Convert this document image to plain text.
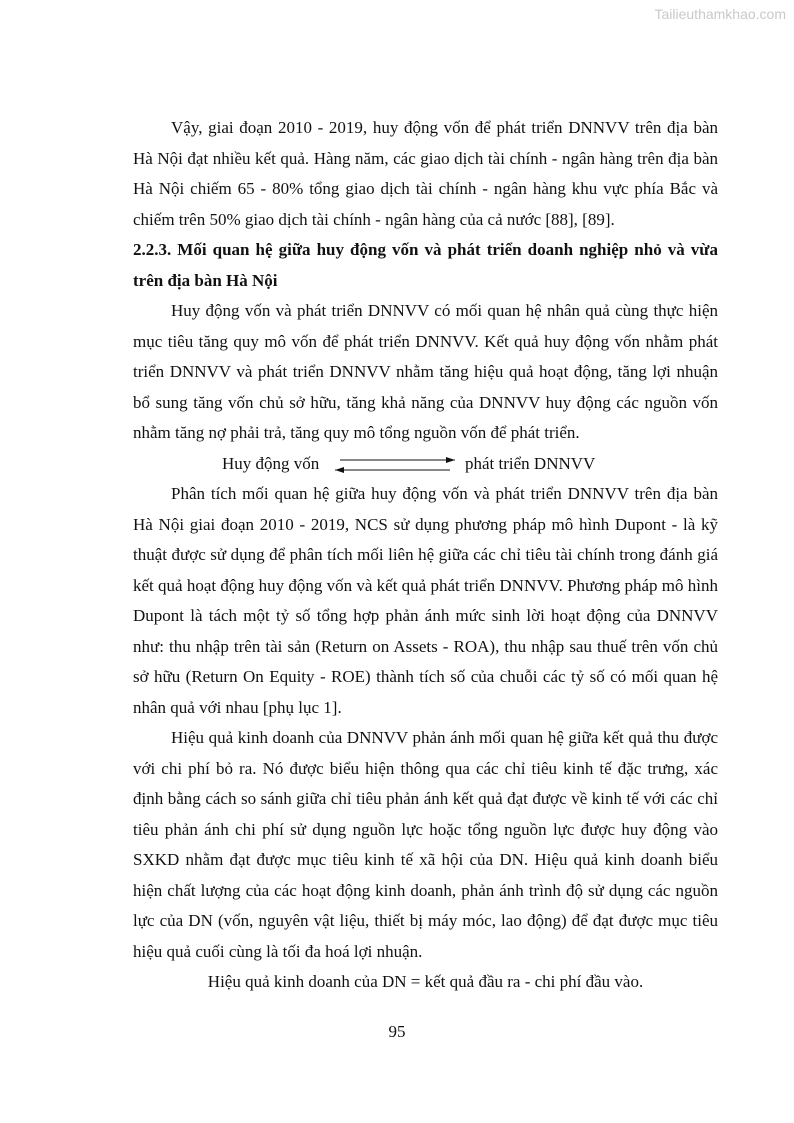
Tailieuthamkhao.com

Vậy, giai đoạn 2010 - 2019, huy động vốn để phát triển DNNVV trên địa bàn Hà Nội đạt nhiều kết quả. Hàng năm, các giao dịch tài chính - ngân hàng trên địa bàn Hà Nội chiếm 65 - 80% tổng giao dịch tài chính - ngân hàng khu vực phía Bắc và chiếm trên 50% giao dịch tài chính - ngân hàng của cả nước [88], [89].

2.2.3. Mối quan hệ giữa huy động vốn và phát triển doanh nghiệp nhỏ và vừa trên địa bàn Hà Nội

Huy động vốn và phát triển DNNVV có mối quan hệ nhân quả cùng thực hiện mục tiêu tăng quy mô vốn để phát triển DNNVV. Kết quả huy động vốn nhằm phát triển DNNVV và phát triển DNNVV nhằm tăng hiệu quả hoạt động, tăng lợi nhuận bổ sung tăng vốn chủ sở hữu, tăng khả năng của DNNVV huy động các nguồn vốn nhằm tăng nợ phải trả, tăng quy mô tổng nguồn vốn để phát triển.

Huy động vốn	phát triển DNNVV

Phân tích mối quan hệ giữa huy động vốn và phát triển DNNVV trên địa bàn Hà Nội giai đoạn 2010 - 2019, NCS sử dụng phương pháp mô hình Dupont - là kỹ thuật được sử dụng để phân tích mối liên hệ giữa các chỉ tiêu tài chính trong đánh giá kết quả hoạt động huy động vốn và kết quả phát triển DNNVV. Phương pháp mô hình Dupont là tách một tỷ số tổng hợp phản ánh mức sinh lời hoạt động của DNNVV như: thu nhập trên tài sản (Return on Assets - ROA), thu nhập sau thuế trên vốn chủ sở hữu (Return On Equity - ROE) thành tích số của chuỗi các tỷ số có mối quan hệ nhân quả với nhau [phụ lục 1].

Hiệu quả kinh doanh của DNNVV phản ánh mối quan hệ giữa kết quả thu được với chi phí bỏ ra. Nó được biểu hiện thông qua các chỉ tiêu kinh tế đặc trưng, xác định bằng cách so sánh giữa chỉ tiêu phản ánh kết quả đạt được về kinh tế với các chỉ tiêu phản ánh chi phí sử dụng nguồn lực hoặc tổng nguồn lực được huy động vào SXKD nhằm đạt được mục tiêu kinh tế xã hội của DN. Hiệu quả kinh doanh biểu hiện chất lượng của các hoạt động kinh doanh, phản ánh trình độ sử dụng các nguồn lực của DN (vốn, nguyên vật liệu, thiết bị máy móc, lao động) để đạt được mục tiêu hiệu quả cuối cùng là tối đa hoá lợi nhuận.

Hiệu quả kinh doanh của DN = kết quả đầu ra - chi phí đầu vào.

95
